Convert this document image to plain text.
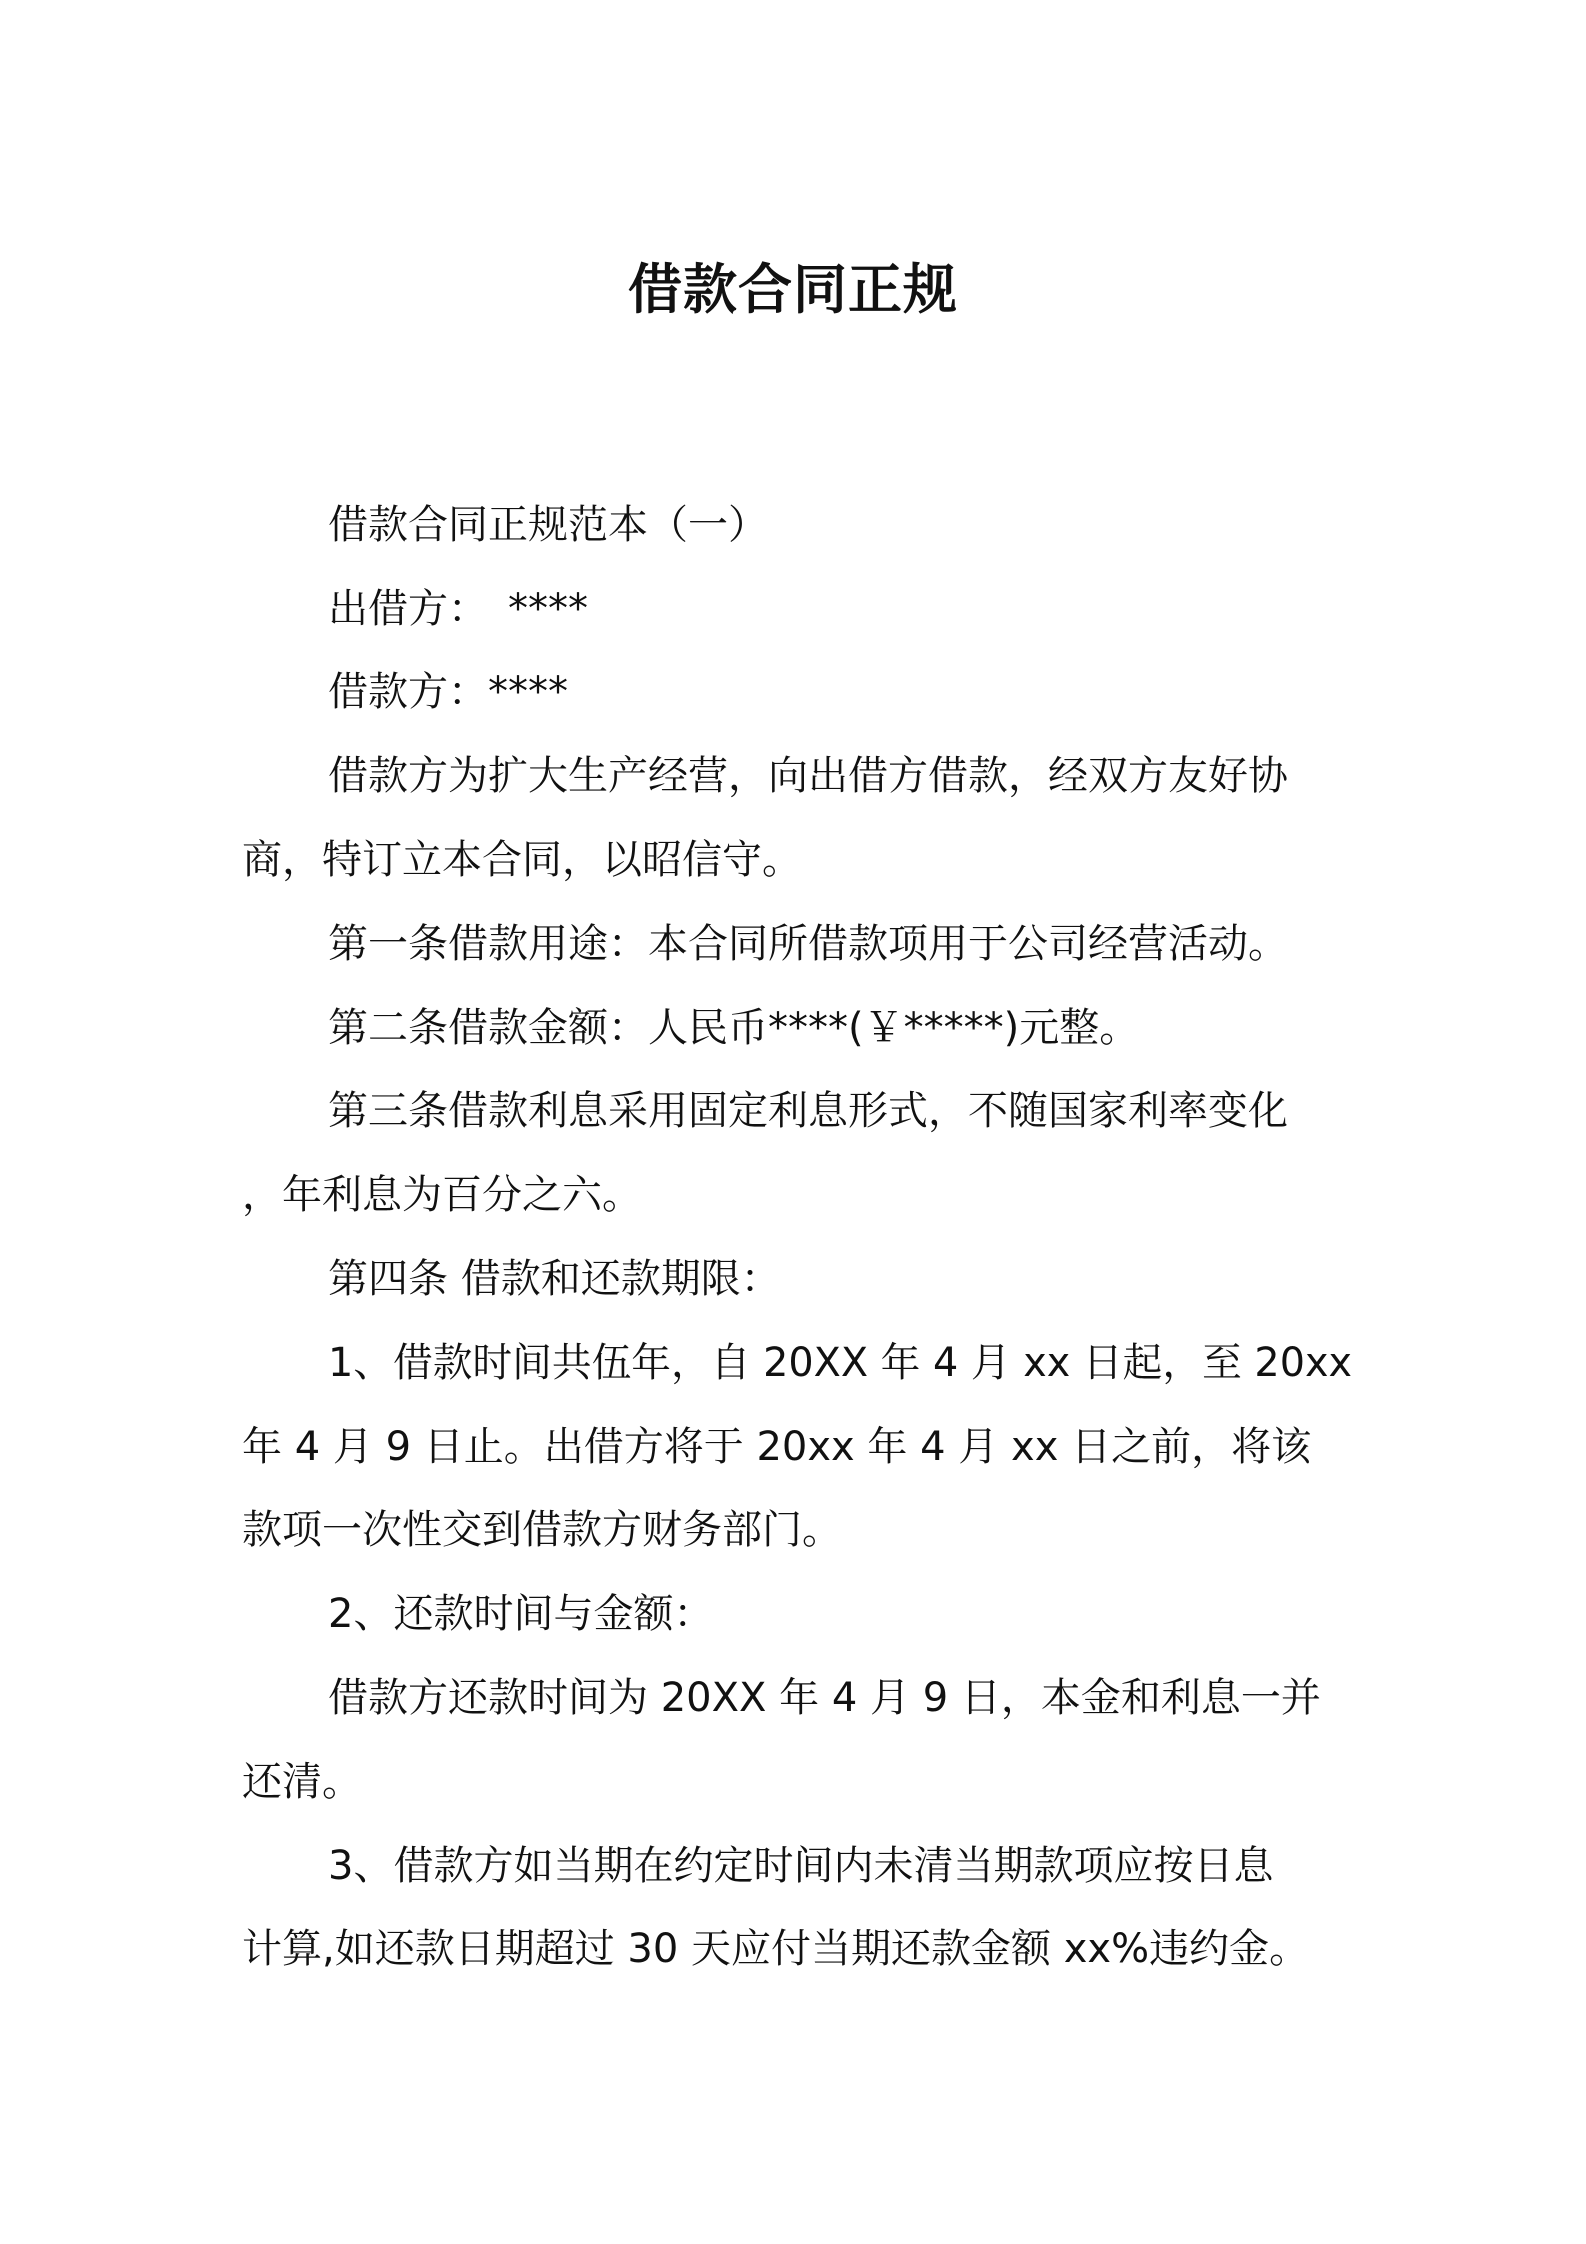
借款合同正规
借款合同正规范本（一）
出借方：　****
借款方：****
借款方为扩大生产经营，向出借方借款，经双方友好协
商，特订立本合同，以昭信守。
第一条借款用途：本合同所借款项用于公司经营活动。
第二条借款金额：人民币****(￥*****)元整。
第三条借款利息采用固定利息形式，不随国家利率变化
，年利息为百分之六。
第四条 借款和还款期限：
1、借款时间共伍年，自 20XX 年 4 月 xx 日起，至 20xx
年 4 月 9 日止。出借方将于 20xx 年 4 月 xx 日之前，将该
款项一次性交到借款方财务部门。
2、还款时间与金额：
借款方还款时间为 20XX 年 4 月 9 日，本金和利息一并
还清。
3、借款方如当期在约定时间内未清当期款项应按日息
计算,如还款日期超过 30 天应付当期还款金额 xx%违约金。
